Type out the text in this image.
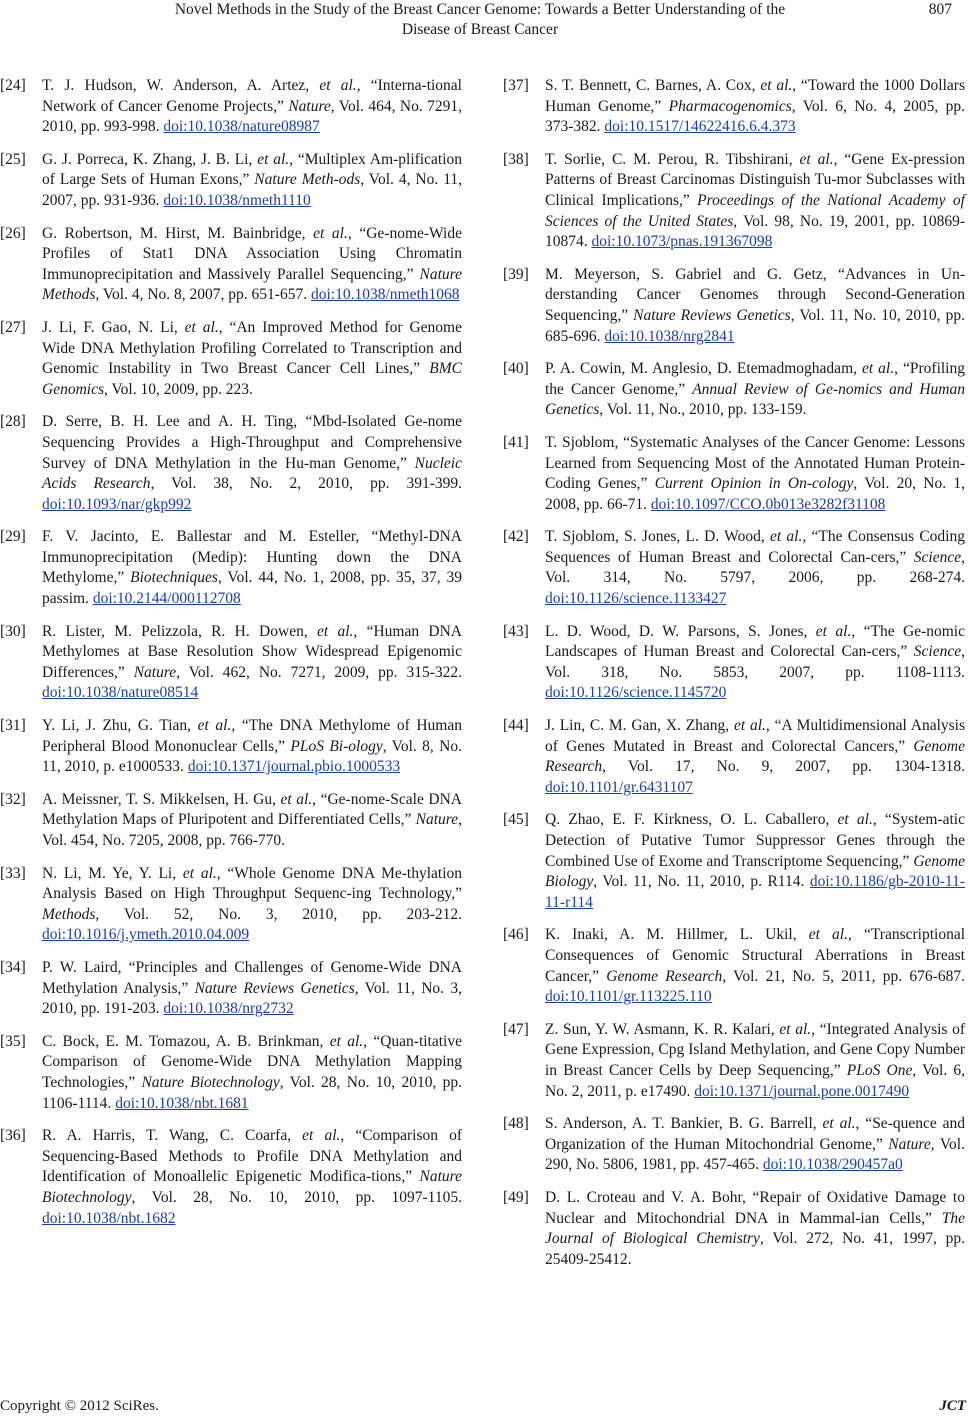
Novel Methods in the Study of the Breast Cancer Genome: Towards a Better Understanding of the
Disease of Breast Cancer
807
[24] T. J. Hudson, W. Anderson, A. Artez, et al., “Interna-tional Network of Cancer Genome Projects,” Nature, Vol. 464, No. 7291, 2010, pp. 993-998. doi:10.1038/nature08987
[25] G. J. Porreca, K. Zhang, J. B. Li, et al., “Multiplex Am-plification of Large Sets of Human Exons,” Nature Meth-ods, Vol. 4, No. 11, 2007, pp. 931-936. doi:10.1038/nmeth1110
[26] G. Robertson, M. Hirst, M. Bainbridge, et al., “Ge-nome-Wide Profiles of Stat1 DNA Association Using Chromatin Immunoprecipitation and Massively Parallel Sequencing,” Nature Methods, Vol. 4, No. 8, 2007, pp. 651-657. doi:10.1038/nmeth1068
[27] J. Li, F. Gao, N. Li, et al., “An Improved Method for Genome Wide DNA Methylation Profiling Correlated to Transcription and Genomic Instability in Two Breast Cancer Cell Lines,” BMC Genomics, Vol. 10, 2009, pp. 223.
[28] D. Serre, B. H. Lee and A. H. Ting, “Mbd-Isolated Ge-nome Sequencing Provides a High-Throughput and Comprehensive Survey of DNA Methylation in the Hu-man Genome,” Nucleic Acids Research, Vol. 38, No. 2, 2010, pp. 391-399. doi:10.1093/nar/gkp992
[29] F. V. Jacinto, E. Ballestar and M. Esteller, “Methyl-DNA Immunoprecipitation (Medip): Hunting down the DNA Methylome,” Biotechniques, Vol. 44, No. 1, 2008, pp. 35, 37, 39 passim. doi:10.2144/000112708
[30] R. Lister, M. Pelizzola, R. H. Dowen, et al., “Human DNA Methylomes at Base Resolution Show Widespread Epigenomic Differences,” Nature, Vol. 462, No. 7271, 2009, pp. 315-322. doi:10.1038/nature08514
[31] Y. Li, J. Zhu, G. Tian, et al., “The DNA Methylome of Human Peripheral Blood Mononuclear Cells,” PLoS Bi-ology, Vol. 8, No. 11, 2010, p. e1000533. doi:10.1371/journal.pbio.1000533
[32] A. Meissner, T. S. Mikkelsen, H. Gu, et al., “Ge-nome-Scale DNA Methylation Maps of Pluripotent and Differentiated Cells,” Nature, Vol. 454, No. 7205, 2008, pp. 766-770.
[33] N. Li, M. Ye, Y. Li, et al., “Whole Genome DNA Me-thylation Analysis Based on High Throughput Sequenc-ing Technology,” Methods, Vol. 52, No. 3, 2010, pp. 203-212. doi:10.1016/j.ymeth.2010.04.009
[34] P. W. Laird, “Principles and Challenges of Genome-Wide DNA Methylation Analysis,” Nature Reviews Genetics, Vol. 11, No. 3, 2010, pp. 191-203. doi:10.1038/nrg2732
[35] C. Bock, E. M. Tomazou, A. B. Brinkman, et al., “Quan-titative Comparison of Genome-Wide DNA Methylation Mapping Technologies,” Nature Biotechnology, Vol. 28, No. 10, 2010, pp. 1106-1114. doi:10.1038/nbt.1681
[36] R. A. Harris, T. Wang, C. Coarfa, et al., “Comparison of Sequencing-Based Methods to Profile DNA Methylation and Identification of Monoallelic Epigenetic Modifica-tions,” Nature Biotechnology, Vol. 28, No. 10, 2010, pp. 1097-1105. doi:10.1038/nbt.1682
[37] S. T. Bennett, C. Barnes, A. Cox, et al., “Toward the 1000 Dollars Human Genome,” Pharmacogenomics, Vol. 6, No. 4, 2005, pp. 373-382. doi:10.1517/14622416.6.4.373
[38] T. Sorlie, C. M. Perou, R. Tibshirani, et al., “Gene Ex-pression Patterns of Breast Carcinomas Distinguish Tu-mor Subclasses with Clinical Implications,” Proceedings of the National Academy of Sciences of the United States, Vol. 98, No. 19, 2001, pp. 10869-10874. doi:10.1073/pnas.191367098
[39] M. Meyerson, S. Gabriel and G. Getz, “Advances in Un-derstanding Cancer Genomes through Second-Generation Sequencing,” Nature Reviews Genetics, Vol. 11, No. 10, 2010, pp. 685-696. doi:10.1038/nrg2841
[40] P. A. Cowin, M. Anglesio, D. Etemadmoghadam, et al., “Profiling the Cancer Genome,” Annual Review of Ge-nomics and Human Genetics, Vol. 11, No., 2010, pp. 133-159.
[41] T. Sjoblom, “Systematic Analyses of the Cancer Genome: Lessons Learned from Sequencing Most of the Annotated Human Protein-Coding Genes,” Current Opinion in On-cology, Vol. 20, No. 1, 2008, pp. 66-71. doi:10.1097/CCO.0b013e3282f31108
[42] T. Sjoblom, S. Jones, L. D. Wood, et al., “The Consensus Coding Sequences of Human Breast and Colorectal Can-cers,” Science, Vol. 314, No. 5797, 2006, pp. 268-274. doi:10.1126/science.1133427
[43] L. D. Wood, D. W. Parsons, S. Jones, et al., “The Ge-nomic Landscapes of Human Breast and Colorectal Can-cers,” Science, Vol. 318, No. 5853, 2007, pp. 1108-1113. doi:10.1126/science.1145720
[44] J. Lin, C. M. Gan, X. Zhang, et al., “A Multidimensional Analysis of Genes Mutated in Breast and Colorectal Cancers,” Genome Research, Vol. 17, No. 9, 2007, pp. 1304-1318. doi:10.1101/gr.6431107
[45] Q. Zhao, E. F. Kirkness, O. L. Caballero, et al., “System-atic Detection of Putative Tumor Suppressor Genes through the Combined Use of Exome and Transcriptome Sequencing,” Genome Biology, Vol. 11, No. 11, 2010, p. R114. doi:10.1186/gb-2010-11-11-r114
[46] K. Inaki, A. M. Hillmer, L. Ukil, et al., “Transcriptional Consequences of Genomic Structural Aberrations in Breast Cancer,” Genome Research, Vol. 21, No. 5, 2011, pp. 676-687. doi:10.1101/gr.113225.110
[47] Z. Sun, Y. W. Asmann, K. R. Kalari, et al., “Integrated Analysis of Gene Expression, Cpg Island Methylation, and Gene Copy Number in Breast Cancer Cells by Deep Sequencing,” PLoS One, Vol. 6, No. 2, 2011, p. e17490. doi:10.1371/journal.pone.0017490
[48] S. Anderson, A. T. Bankier, B. G. Barrell, et al., “Se-quence and Organization of the Human Mitochondrial Genome,” Nature, Vol. 290, No. 5806, 1981, pp. 457-465. doi:10.1038/290457a0
[49] D. L. Croteau and V. A. Bohr, “Repair of Oxidative Damage to Nuclear and Mitochondrial DNA in Mammal-ian Cells,” The Journal of Biological Chemistry, Vol. 272, No. 41, 1997, pp. 25409-25412.
Copyright © 2012 SciRes.	JCT
